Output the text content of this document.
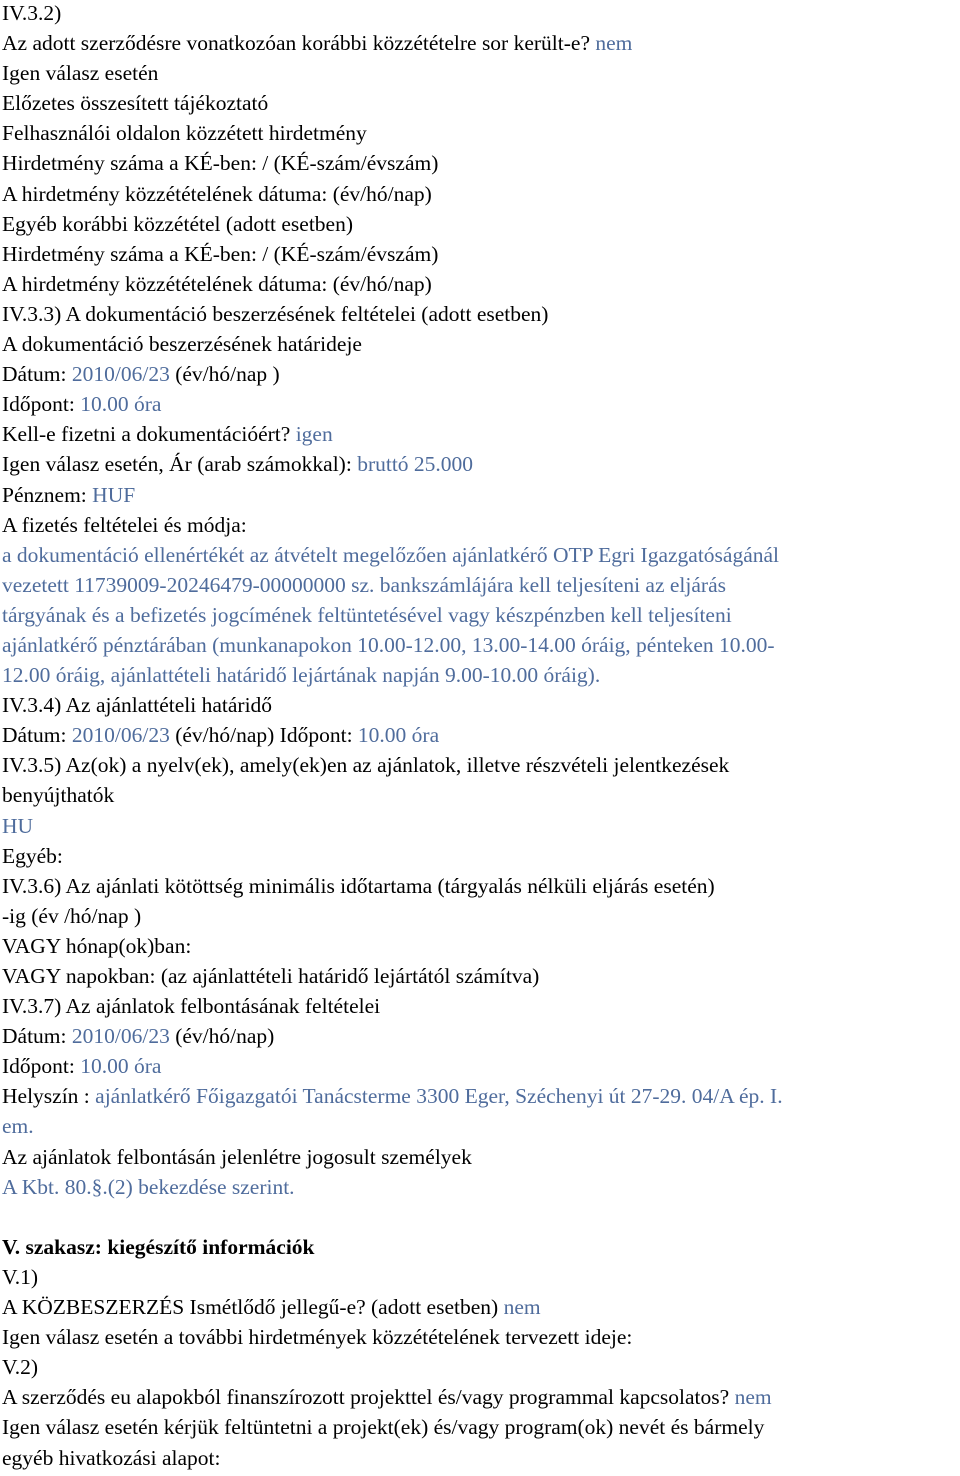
IV.3.2)
Az adott szerződésre vonatkozóan korábbi közzétételre sor került-e? nem
Igen válasz esetén
Előzetes összesített tájékoztató
Felhasználói oldalon közzétett hirdetmény
Hirdetmény száma a KÉ-ben: / (KÉ-szám/évszám)
A hirdetmény közzétételének dátuma: (év/hó/nap)
Egyéb korábbi közzététel (adott esetben)
Hirdetmény száma a KÉ-ben: / (KÉ-szám/évszám)
A hirdetmény közzétételének dátuma: (év/hó/nap)
IV.3.3) A dokumentáció beszerzésének feltételei (adott esetben)
A dokumentáció beszerzésének határideje
Dátum: 2010/06/23 (év/hó/nap )
Időpont: 10.00 óra
Kell-e fizetni a dokumentációért? igen
Igen válasz esetén, Ár (arab számokkal): bruttó 25.000
Pénznem: HUF
A fizetés feltételei és módja:
a dokumentáció ellenértékét az átvételt megelőzően ajánlatkérő OTP Egri Igazgatóságánál
vezetett 11739009-20246479-00000000 sz. bankszámlájára kell teljesíteni az eljárás
tárgyának és a befizetés jogcímének feltüntetésével vagy készpénzben kell teljesíteni
ajánlatkérő pénztárában (munkanapokon 10.00-12.00, 13.00-14.00 óráig, pénteken 10.00-
12.00 óráig, ajánlattételi határidő lejártának napján 9.00-10.00 óráig).
IV.3.4) Az ajánlattételi határidő
Dátum: 2010/06/23 (év/hó/nap) Időpont: 10.00 óra
IV.3.5) Az(ok) a nyelv(ek), amely(ek)en az ajánlatok, illetve részvételi jelentkezések
benyújthatók
HU
Egyéb:
IV.3.6) Az ajánlati kötöttség minimális időtartama (tárgyalás nélküli eljárás esetén)
-ig (év /hó/nap )
VAGY hónap(ok)ban:
VAGY napokban: (az ajánlattételi határidő lejártától számítva)
IV.3.7) Az ajánlatok felbontásának feltételei
Dátum: 2010/06/23 (év/hó/nap)
Időpont: 10.00 óra
Helyszín : ajánlatkérő Főigazgatói Tanácsterme 3300 Eger, Széchenyi út 27-29. 04/A ép. I.
em.
Az ajánlatok felbontásán jelenlétre jogosult személyek
A Kbt. 80.§.(2) bekezdése szerint.
V. szakasz: kiegészítő információk
V.1)
A KÖZBESZERZÉS Ismétlődő jellegű-e? (adott esetben) nem
Igen válasz esetén a további hirdetmények közzétételének tervezett ideje:
V.2)
A szerződés eu alapokból finanszírozott projekttel és/vagy programmal kapcsolatos? nem
Igen válasz esetén kérjük feltüntetni a projekt(ek) és/vagy program(ok) nevét és bármely
egyéb hivatkozási alapot:
